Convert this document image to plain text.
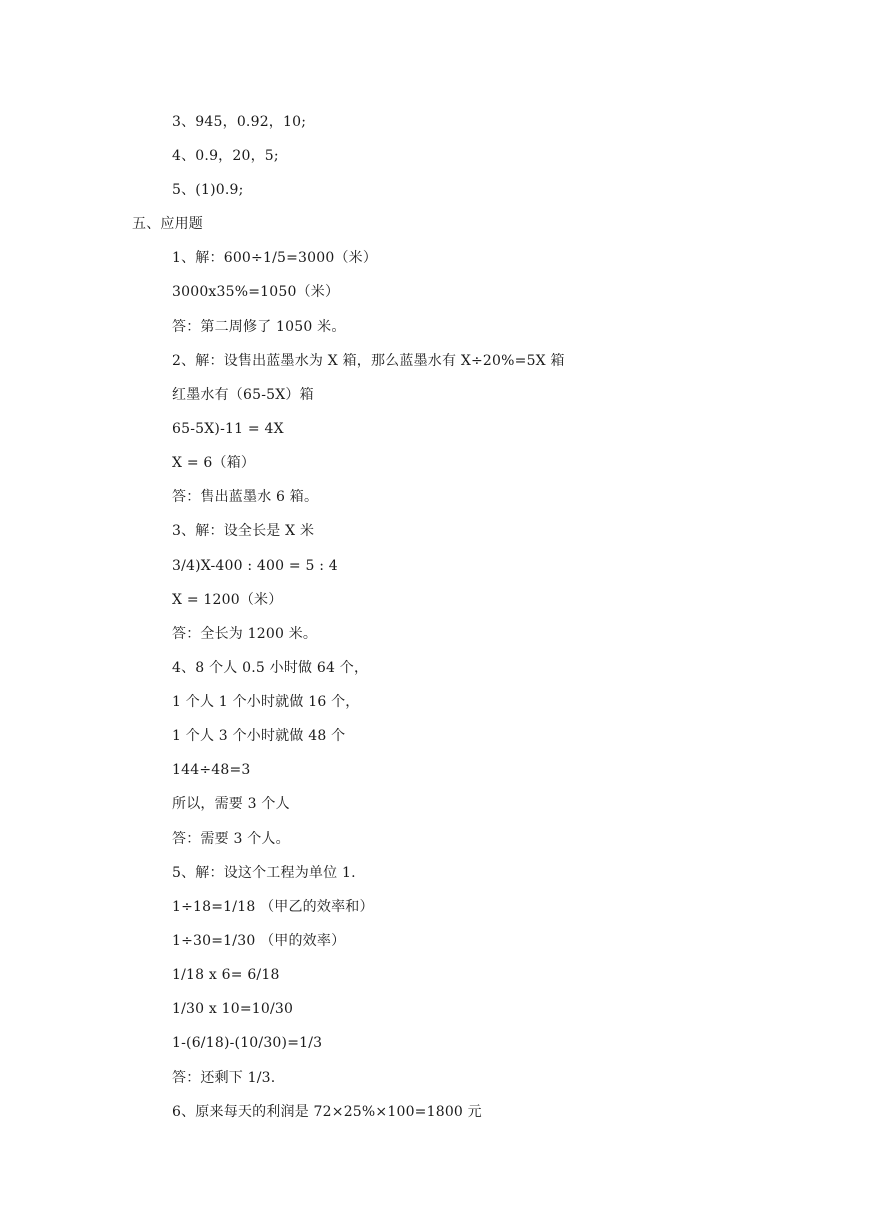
3、945，0.92，10;
4、0.9，20，5;
5、(1)0.9;
五、应用题
1、解：600÷1/5=3000（米）
3000x35%=1050（米）
答：第二周修了 1050 米。
2、解：设售出蓝墨水为 X 箱，那么蓝墨水有 X÷20%=5X 箱
红墨水有（65-5X）箱
65-5X)-11 = 4X
X = 6（箱）
答：售出蓝墨水 6 箱。
3、解：设全长是 X 米
3/4)X-400 : 400 = 5 : 4
X = 1200（米）
答：全长为 1200 米。
4、8 个人 0.5 小时做 64 个，
1 个人 1 个小时就做 16 个，
1 个人 3 个小时就做 48 个
144÷48=3
所以，需要 3 个人
答：需要 3 个人。
5、解：设这个工程为单位 1.
1÷18=1/18 （甲乙的效率和）
1÷30=1/30 （甲的效率）
1/18 x 6= 6/18
1/30 x 10=10/30
1-(6/18)-(10/30)=1/3
答：还剩下 1/3.
6、原来每天的利润是 72×25%×100=1800 元
